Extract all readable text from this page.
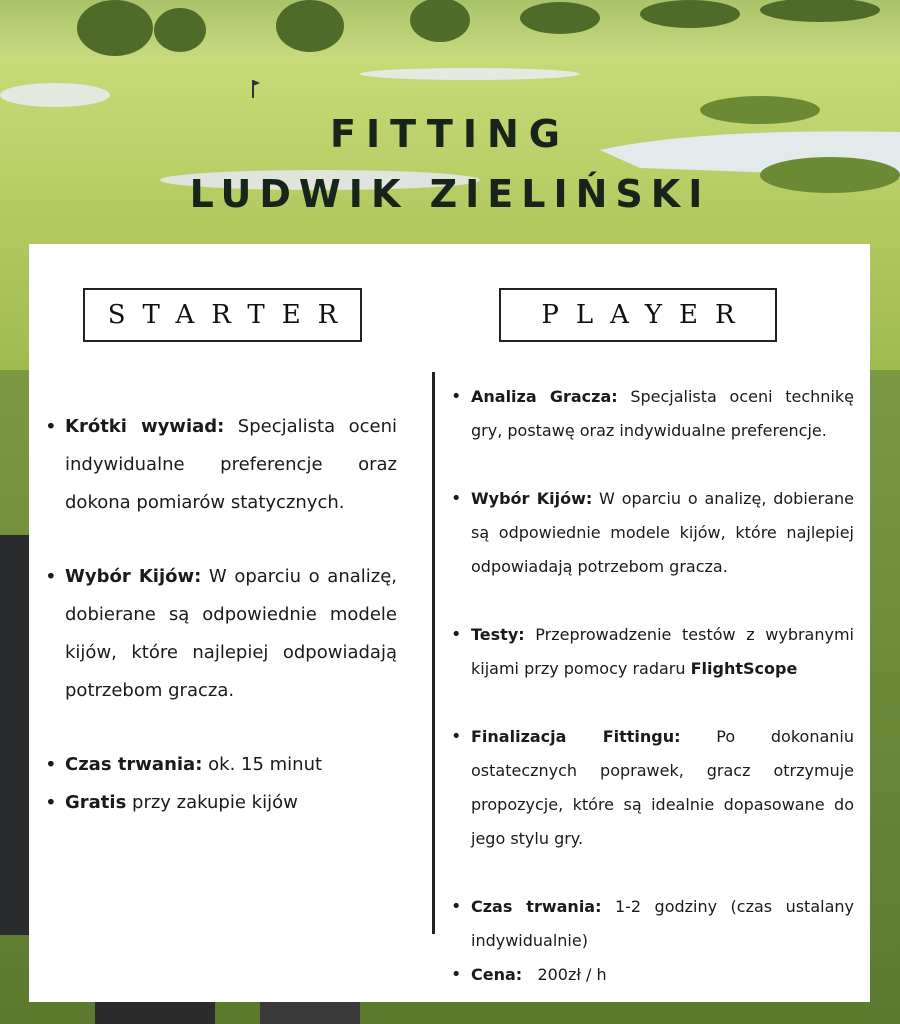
FITTING
LUDWIK ZIELIŃSKI
STARTER	PLAYER
• Krótki wywiad: Specjalista oceni indywidualne preferencje oraz dokona pomiarów statycznych.
• Wybór Kijów: W oparciu o analizę, dobierane są odpowiednie modele kijów, które najlepiej odpowiadają potrzebom gracza.
• Czas trwania: ok. 15 minut
• Gratis przy zakupie kijów
• Analiza Gracza: Specjalista oceni technikę gry, postawę oraz indywidualne preferencje.
• Wybór Kijów: W oparciu o analizę, dobierane są odpowiednie modele kijów, które najlepiej odpowiadają potrzebom gracza.
• Testy: Przeprowadzenie testów z wybranymi kijami przy pomocy radaru FlightScope
• Finalizacja Fittingu: Po dokonaniu ostatecznych poprawek, gracz otrzymuje propozycje, które są idealnie dopasowane do jego stylu gry.
• Czas trwania: 1-2 godziny (czas ustalany indywidualnie)
• Cena:   200zł / h
